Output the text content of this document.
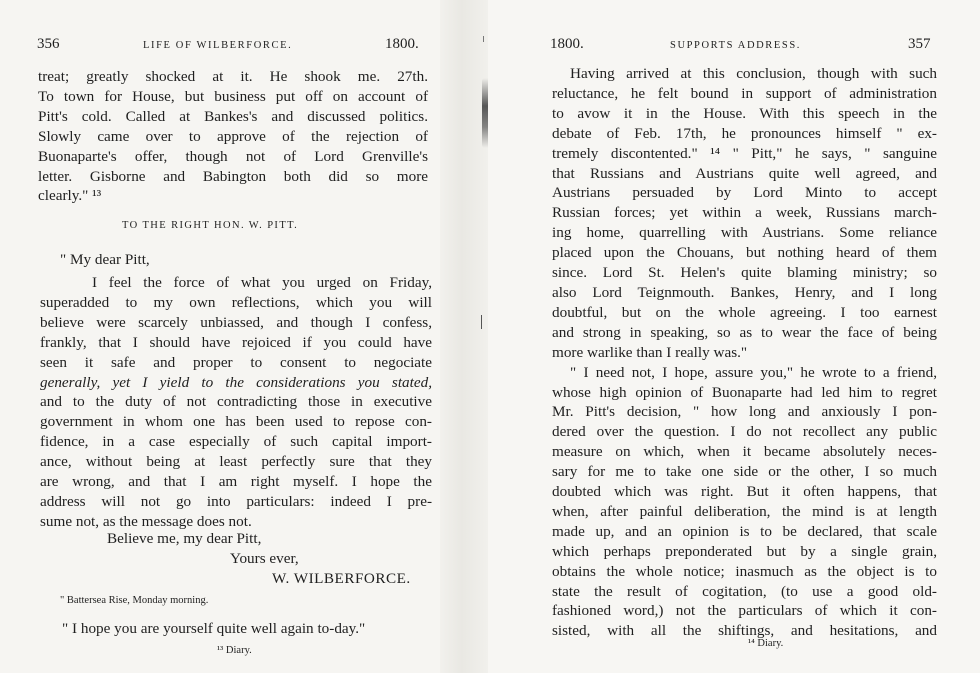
356	LIFE OF WILBERFORCE.	1800.
treat; greatly shocked at it. He shook me. 27th.
To town for House, but business put off on account of
Pitt's cold. Called at Bankes's and discussed politics.
Slowly came over to approve of the rejection of
Buonaparte's offer, though not of Lord Grenville's
letter. Gisborne and Babington both did so more
clearly." ¹³
TO THE RIGHT HON. W. PITT.
" My dear Pitt,
I feel the force of what you urged on Friday,
superadded to my own reflections, which you will
believe were scarcely unbiassed, and though I confess,
frankly, that I should have rejoiced if you could have
seen it safe and proper to consent to negociate
generally, yet I yield to the considerations you stated,
and to the duty of not contradicting those in executive
government in whom one has been used to repose con-
fidence, in a case especially of such capital import-
ance, without being at least perfectly sure that they
are wrong, and that I am right myself. I hope the
address will not go into particulars: indeed I pre-
sume not, as the message does not.
Believe me, my dear Pitt,
Yours ever,
W. WILBERFORCE.
" Battersea Rise, Monday morning.
" I hope you are yourself quite well again to-day."
¹³ Diary.
1800.	SUPPORTS ADDRESS.	357
Having arrived at this conclusion, though with such
reluctance, he felt bound in support of administration
to avow it in the House. With this speech in the
debate of Feb. 17th, he pronounces himself " ex-
tremely discontented." ¹⁴ " Pitt," he says, " sanguine
that Russians and Austrians quite well agreed, and
Austrians persuaded by Lord Minto to accept
Russian forces; yet within a week, Russians march-
ing home, quarrelling with Austrians. Some reliance
placed upon the Chouans, but nothing heard of them
since. Lord St. Helen's quite blaming ministry; so
also Lord Teignmouth. Bankes, Henry, and I long
doubtful, but on the whole agreeing. I too earnest
and strong in speaking, so as to wear the face of being
more warlike than I really was."
" I need not, I hope, assure you," he wrote to a friend,
whose high opinion of Buonaparte had led him to regret
Mr. Pitt's decision, " how long and anxiously I pon-
dered over the question. I do not recollect any public
measure on which, when it became absolutely neces-
sary for me to take one side or the other, I so much
doubted which was right. But it often happens, that
when, after painful deliberation, the mind is at length
made up, and an opinion is to be declared, that scale
which perhaps preponderated but by a single grain,
obtains the whole notice; inasmuch as the object is to
state the result of cogitation, (to use a good old-
fashioned word,) not the particulars of which it con-
sisted, with all the shiftings, and hesitations, and
¹⁴ Diary.
